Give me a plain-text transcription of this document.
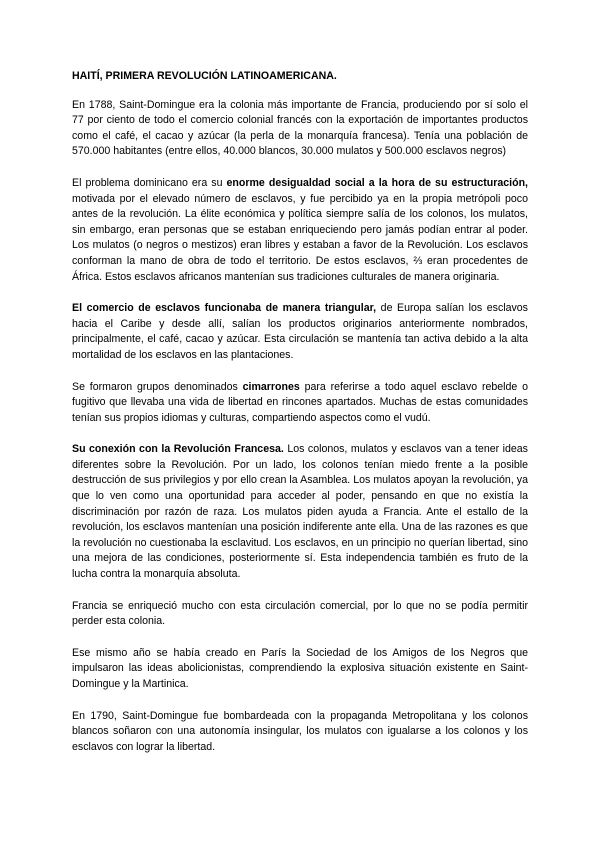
HAITÍ, PRIMERA REVOLUCIÓN LATINOAMERICANA.

En 1788, Saint-Domingue era la colonia más importante de Francia, produciendo por sí solo el 77 por ciento de todo el comercio colonial francés con la exportación de importantes productos como el café, el cacao y azúcar (la perla de la monarquía francesa). Tenía una población de 570.000 habitantes (entre ellos, 40.000 blancos, 30.000 mulatos y 500.000 esclavos negros)

El problema dominicano era su enorme desigualdad social a la hora de su estructuración, motivada por el elevado número de esclavos, y fue percibido ya en la propia metrópoli poco antes de la revolución. La élite económica y política siempre salía de los colonos, los mulatos, sin embargo, eran personas que se estaban enriqueciendo pero jamás podían entrar al poder. Los mulatos (o negros o mestizos) eran libres y estaban a favor de la Revolución. Los esclavos conforman la mano de obra de todo el territorio. De estos esclavos, ⅔ eran procedentes de África. Estos esclavos africanos mantenían sus tradiciones culturales de manera originaria.

El comercio de esclavos funcionaba de manera triangular, de Europa salían los esclavos hacia el Caribe y desde allí, salían los productos originarios anteriormente nombrados, principalmente, el café, cacao y azúcar. Esta circulación se mantenía tan activa debido a la alta mortalidad de los esclavos en las plantaciones.

Se formaron grupos denominados cimarrones para referirse a todo aquel esclavo rebelde o fugitivo que llevaba una vida de libertad en rincones apartados. Muchas de estas comunidades tenían sus propios idiomas y culturas, compartiendo aspectos como el vudú.

Su conexión con la Revolución Francesa. Los colonos, mulatos y esclavos van a tener ideas diferentes sobre la Revolución. Por un lado, los colonos tenían miedo frente a la posible destrucción de sus privilegios y por ello crean la Asamblea. Los mulatos apoyan la revolución, ya que lo ven como una oportunidad para acceder al poder, pensando en que no existía la discriminación por razón de raza. Los mulatos piden ayuda a Francia. Ante el estallo de la revolución, los esclavos mantenían una posición indiferente ante ella. Una de las razones es que la revolución no cuestionaba la esclavitud. Los esclavos, en un principio no querían libertad, sino una mejora de las condiciones, posteriormente sí. Esta independencia también es fruto de la lucha contra la monarquía absoluta.

Francia se enriqueció mucho con esta circulación comercial, por lo que no se podía permitir perder esta colonia.

Ese mismo año se había creado en París la Sociedad de los Amigos de los Negros que impulsaron las ideas abolicionistas, comprendiendo la explosiva situación existente en Saint-Domingue y la Martinica.

En 1790, Saint-Domingue fue bombardeada con la propaganda Metropolitana y los colonos blancos soñaron con una autonomía insingular, los mulatos con igualarse a los colonos y los esclavos con lograr la libertad.
